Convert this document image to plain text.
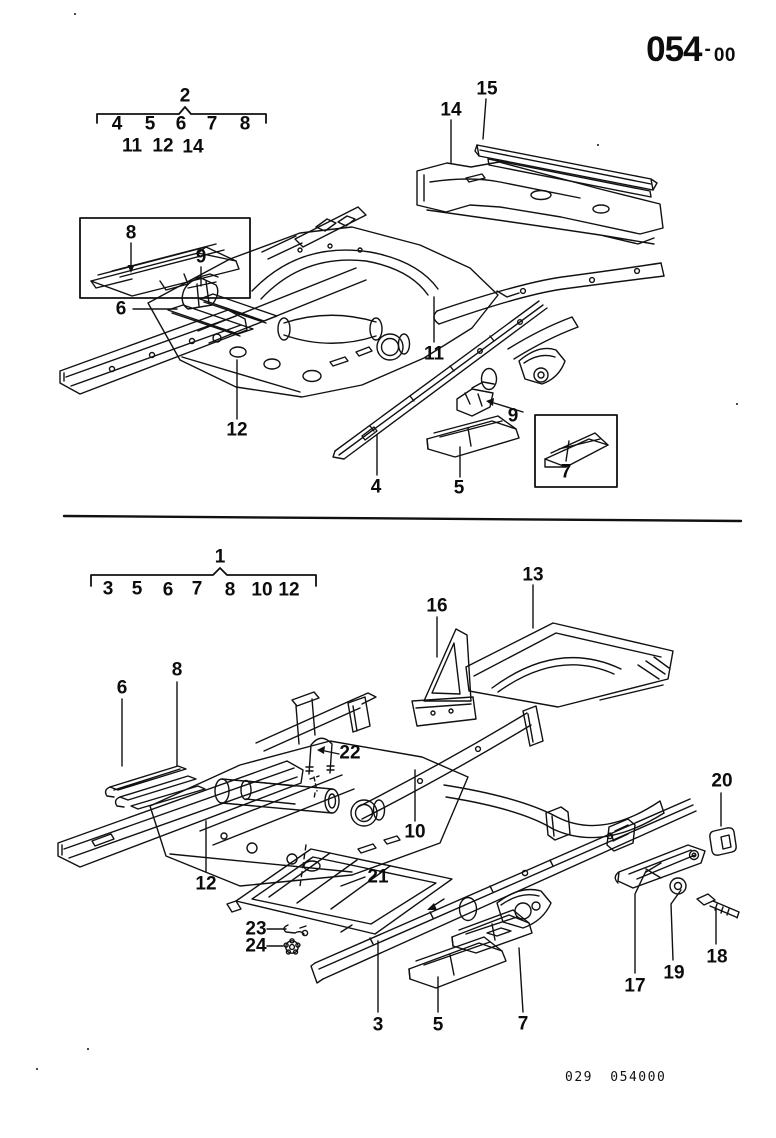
054 - 00
2
4 5 6 7 8
11 12 14
8
9
6
14
15
11
12
4	5
9
7
1
3 5 6 7 8 10 12
16
13
6
8
22
10
12	21
23
24
3	5	7
17
19
18
20
029 054000
